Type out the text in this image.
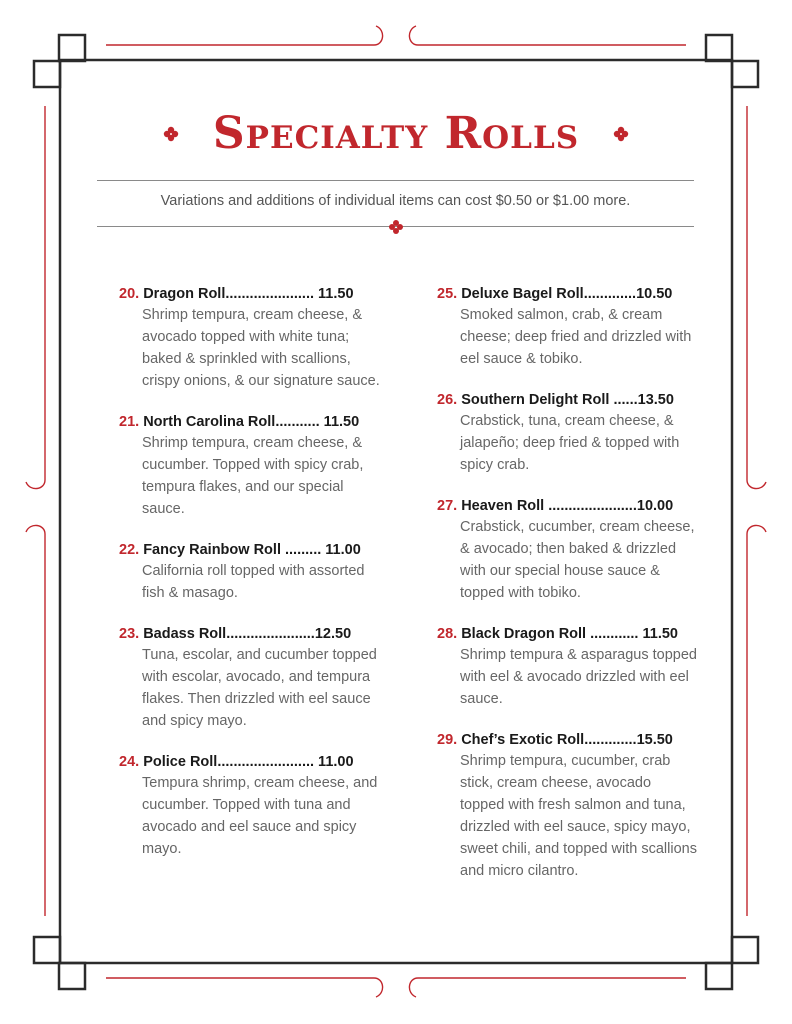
Specialty Rolls
Variations and additions of individual items can cost $0.50 or $1.00 more.
20. Dragon Roll...................... 11.50
Shrimp tempura, cream cheese, & avocado topped with white tuna; baked & sprinkled with scallions, crispy onions, & our signature sauce.
21. North Carolina Roll........... 11.50
Shrimp tempura, cream cheese, & cucumber. Topped with spicy crab, tempura flakes, and our special sauce.
22. Fancy Rainbow Roll ......... 11.00
California roll topped with assorted fish & masago.
23. Badass Roll......................12.50
Tuna, escolar, and cucumber topped with escolar, avocado, and tempura flakes. Then drizzled with eel sauce and spicy mayo.
24. Police Roll........................ 11.00
Tempura shrimp, cream cheese, and cucumber. Topped with tuna and avocado and eel sauce and spicy mayo.
25. Deluxe Bagel Roll.............10.50
Smoked salmon, crab, & cream cheese; deep fried and drizzled with eel sauce & tobiko.
26. Southern Delight Roll ......13.50
Crabstick, tuna, cream cheese, & jalapeño; deep fried & topped with spicy crab.
27. Heaven Roll ......................10.00
Crabstick, cucumber, cream cheese, & avocado; then baked & drizzled with our special house sauce & topped with tobiko.
28. Black Dragon Roll ............ 11.50
Shrimp tempura & asparagus topped with eel & avocado drizzled with eel sauce.
29. Chef’s Exotic Roll.............15.50
Shrimp tempura, cucumber, crab stick, cream cheese, avocado topped with fresh salmon and tuna, drizzled with eel sauce, spicy mayo, sweet chili, and topped with scallions and micro cilantro.
